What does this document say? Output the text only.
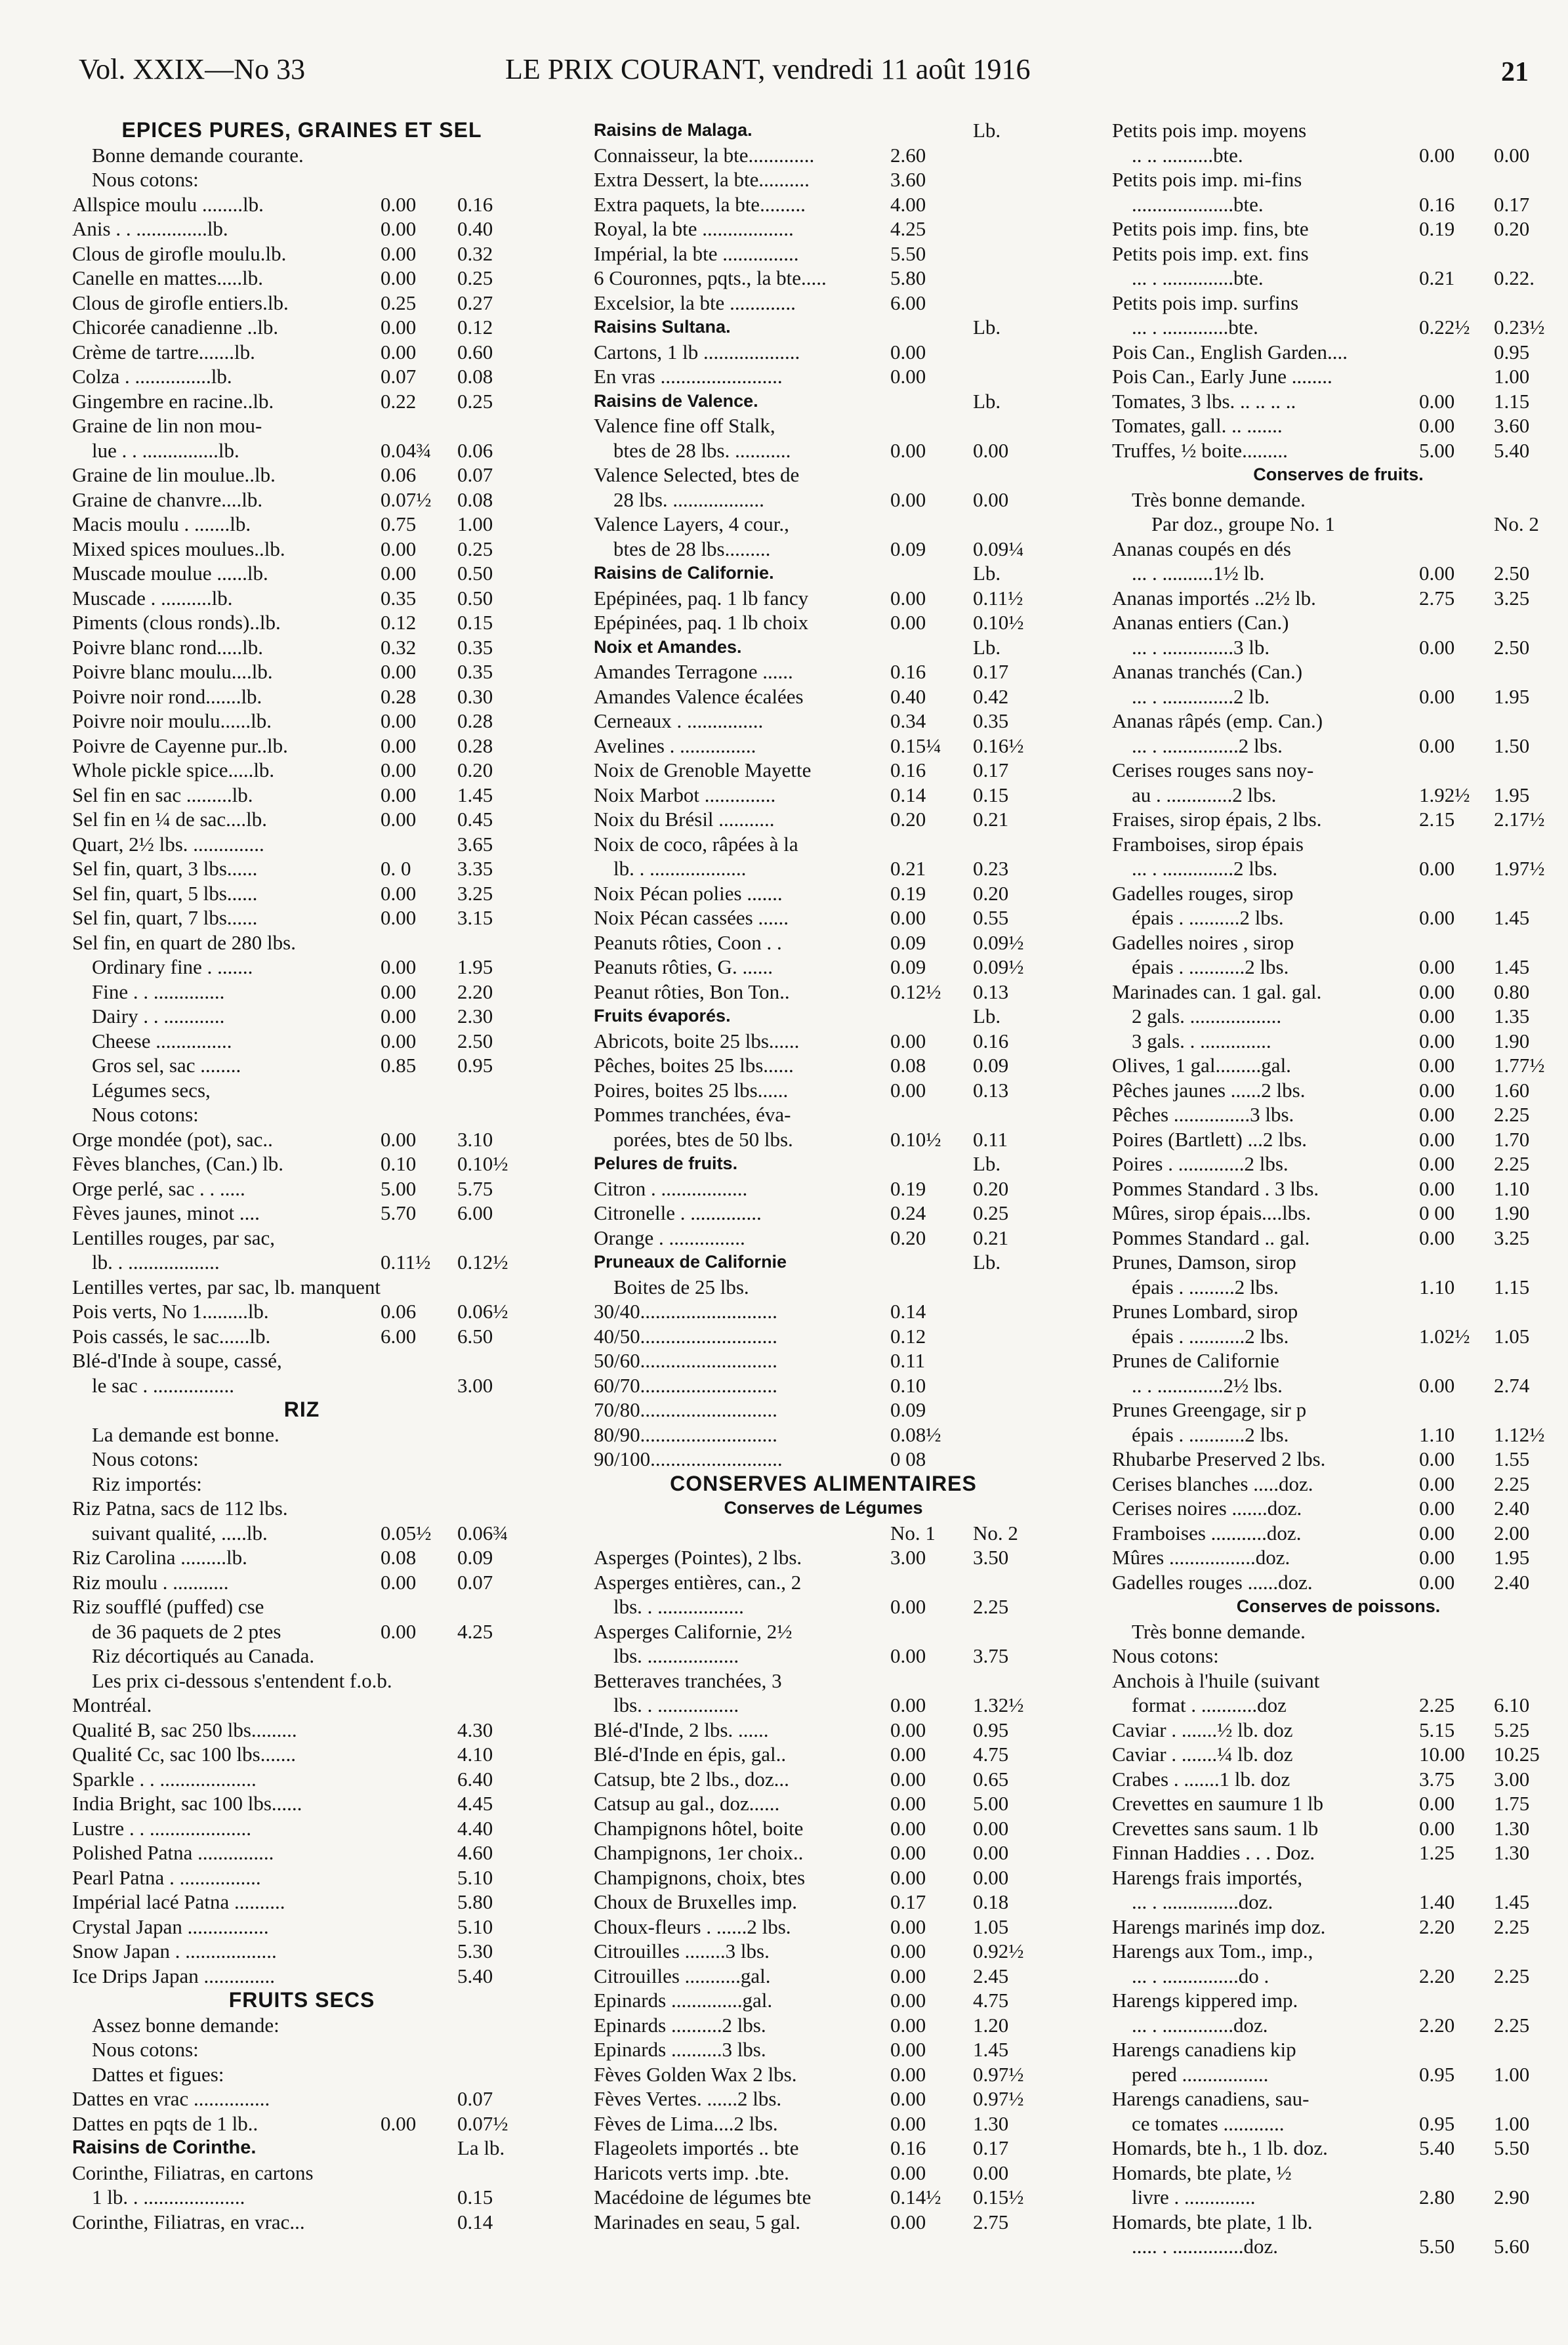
Vol. XXIX—No 33	LE PRIX COURANT, vendredi 11 août 1916	21
EPICES PURES, GRAINES ET SEL
Bonne demande courante.
Nous cotons:
Allspice moulu ........lb.	0.00 0.16
Anis . . ..............lb.	0.00 0.40
Clous de girofle moulu.lb.	0.00 0.32
Canelle en mattes.....lb.	0.00 0.25
Clous de girofle entiers.lb.	0.25 0.27
Chicorée canadienne ..lb.	0.00 0.12
Crème de tartre.......lb.	0.00 0.60
Colza . ...............lb.	0.07 0.08
Gingembre en racine..lb.	0.22 0.25
Graine de lin non mou-
lue . . ...............lb.	0.04¾ 0.06
Graine de lin moulue..lb.	0.06 0.07
Graine de chanvre....lb.	0.07½ 0.08
Macis moulu . .......lb.	0.75 1.00
Mixed spices moulues..lb.	0.00 0.25
Muscade moulue ......lb.	0.00 0.50
Muscade . ..........lb.	0.35 0.50
Piments (clous ronds)..lb.	0.12 0.15
Poivre blanc rond.....lb.	0.32 0.35
Poivre blanc moulu....lb.	0.00 0.35
Poivre noir rond.......lb.	0.28 0.30
Poivre noir moulu......lb.	0.00 0.28
Poivre de Cayenne pur..lb.	0.00 0.28
Whole pickle spice.....lb.	0.00 0.20
Sel fin en sac .........lb.	0.00 1.45
Sel fin en ¼ de sac....lb.	0.00 0.45
Quart, 2½ lbs. ..............	3.65
Sel fin, quart, 3 lbs......	0. 0 3.35
Sel fin, quart, 5 lbs......	0.00 3.25
Sel fin, quart, 7 lbs......	0.00 3.15
Sel fin, en quart de 280 lbs.
Ordinary fine . .......	0.00 1.95
Fine . . ..............	0.00 2.20
Dairy . . ............	0.00 2.30
Cheese ...............	0.00 2.50
Gros sel, sac ........	0.85 0.95
Légumes secs,
Nous cotons:
Orge mondée (pot), sac..	0.00 3.10
Fèves blanches, (Can.) lb.	0.10 0.10½
Orge perlé, sac . . .....	5.00 5.75
Fèves jaunes, minot ....	5.70 6.00
Lentilles rouges, par sac,
lb. . ..................	0.11½ 0.12½
Lentilles vertes, par sac, lb. manquent
Pois verts, No 1.........lb.	0.06 0.06½
Pois cassés, le sac......lb.	6.00 6.50
Blé-d'Inde à soupe, cassé,
le sac . ................	3.00
RIZ
La demande est bonne.
Nous cotons:
Riz importés:
Riz Patna, sacs de 112 lbs.
suivant qualité, .....lb.	0.05½ 0.06¾
Riz Carolina .........lb.	0.08 0.09
Riz moulu . ...........	0.00 0.07
Riz soufflé (puffed) cse
de 36 paquets de 2 ptes	0.00 4.25
Riz décortiqués au Canada.
Les prix ci-dessous s'entendent f.o.b.
Montréal.
Qualité B, sac 250 lbs.........	4.30
Qualité Cc, sac 100 lbs.......	4.10
Sparkle . . ...................	6.40
India Bright, sac 100 lbs......	4.45
Lustre . . ....................	4.40
Polished Patna ...............	4.60
Pearl Patna . ................	5.10
Impérial lacé Patna ..........	5.80
Crystal Japan ................	5.10
Snow Japan . ..................	5.30
Ice Drips Japan ..............	5.40
FRUITS SECS
Assez bonne demande:
Nous cotons:
Dattes et figues:
Dattes en vrac ...............	0.07
Dattes en pqts de 1 lb..	0.00 0.07½
Raisins de Corinthe.	La lb.
Corinthe, Filiatras, en cartons
1 lb. . ....................	0.15
Corinthe, Filiatras, en vrac...	0.14
Raisins de Malaga.	Lb.
Connaisseur, la bte.............	2.60
Extra Dessert, la bte..........	3.60
Extra paquets, la bte.........	4.00
Royal, la bte ..................	4.25
Impérial, la bte ...............	5.50
6 Couronnes, pqts., la bte.....	5.80
Excelsior, la bte .............	6.00
Raisins Sultana.	Lb.
Cartons, 1 lb ...................	0.00
En vras ........................	0.00
Raisins de Valence.	Lb.
Valence fine off Stalk,
btes de 28 lbs. ...........	0.00 0.00
Valence Selected, btes de
28 lbs. ..................	0.00 0.00
Valence Layers, 4 cour.,
btes de 28 lbs.........	0.09 0.09¼
Raisins de Californie.	Lb.
Epépinées, paq. 1 lb fancy	0.00 0.11½
Epépinées, paq. 1 lb choix	0.00 0.10½
Noix et Amandes.	Lb.
Amandes Terragone ......	0.16 0.17
Amandes Valence écalées	0.40 0.42
Cerneaux . ...............	0.34 0.35
Avelines . ...............	0.15¼ 0.16½
Noix de Grenoble Mayette	0.16 0.17
Noix Marbot ..............	0.14 0.15
Noix du Brésil ...........	0.20 0.21
Noix de coco, râpées à la
lb. . ...................	0.21 0.23
Noix Pécan polies .......	0.19 0.20
Noix Pécan cassées ......	0.00 0.55
Peanuts rôties, Coon . .	0.09 0.09½
Peanuts rôties, G. ......	0.09 0.09½
Peanut rôties, Bon Ton..	0.12½ 0.13
Fruits évaporés.	Lb.
Abricots, boite 25 lbs......	0.00 0.16
Pêches, boites 25 lbs......	0.08 0.09
Poires, boites 25 lbs......	0.00 0.13
Pommes tranchées, éva-
porées, btes de 50 lbs.	0.10½ 0.11
Pelures de fruits.	Lb.
Citron . .................	0.19 0.20
Citronelle . ..............	0.24 0.25
Orange . ...............	0.20 0.21
Pruneaux de Californie	Lb.
Boites de 25 lbs.
30/40...........................	0.14
40/50...........................	0.12
50/60...........................	0.11
60/70...........................	0.10
70/80...........................	0.09
80/90...........................	0.08½
90/100..........................	0 08
CONSERVES ALIMENTAIRES
Conserves de Légumes
No. 1 No. 2
Asperges (Pointes), 2 lbs.	3.00 3.50
Asperges entières, can., 2
lbs. . .................	0.00 2.25
Asperges Californie, 2½
lbs. ..................	0.00 3.75
Betteraves tranchées, 3
lbs. . ................	0.00 1.32½
Blé-d'Inde, 2 lbs. ......	0.00 0.95
Blé-d'Inde en épis, gal..	0.00 4.75
Catsup, bte 2 lbs., doz...	0.00 0.65
Catsup au gal., doz......	0.00 5.00
Champignons hôtel, boite	0.00 0.00
Champignons, 1er choix..	0.00 0.00
Champignons, choix, btes	0.00 0.00
Choux de Bruxelles imp.	0.17 0.18
Choux-fleurs . ......2 lbs.	0.00 1.05
Citrouilles ........3 lbs.	0.00 0.92½
Citrouilles ...........gal.	0.00 2.45
Epinards ..............gal.	0.00 4.75
Epinards ..........2 lbs.	0.00 1.20
Epinards ..........3 lbs.	0.00 1.45
Fèves Golden Wax 2 lbs.	0.00 0.97½
Fèves Vertes. ......2 lbs.	0.00 0.97½
Fèves de Lima....2 lbs.	0.00 1.30
Flageolets importés .. bte	0.16 0.17
Haricots verts imp. .bte.	0.00 0.00
Macédoine de légumes bte	0.14½ 0.15½
Marinades en seau, 5 gal.	0.00 2.75
Petits pois imp. moyens
.. .. ..........bte.	0.00 0.00
Petits pois imp. mi-fins
....................bte.	0.16 0.17
Petits pois imp. fins, bte	0.19 0.20
Petits pois imp. ext. fins
... . ..............bte.	0.21 0.22.
Petits pois imp. surfins
... . .............bte.	0.22½ 0.23½
Pois Can., English Garden....	0.95
Pois Can., Early June ........	1.00
Tomates, 3 lbs. .. .. .. ..	0.00 1.15
Tomates, gall. .. .......	0.00 3.60
Truffes, ½ boite.........	5.00 5.40
Conserves de fruits.
Très bonne demande.
Par doz., groupe No. 1	No. 2
Ananas coupés en dés
... . ..........1½ lb.	0.00 2.50
Ananas importés ..2½ lb.	2.75 3.25
Ananas entiers (Can.)
... . ..............3 lb.	0.00 2.50
Ananas tranchés (Can.)
... . ..............2 lb.	0.00 1.95
Ananas râpés (emp. Can.)
... . ...............2 lbs.	0.00 1.50
Cerises rouges sans noy-
au . .............2 lbs.	1.92½ 1.95
Fraises, sirop épais, 2 lbs.	2.15 2.17½
Framboises, sirop épais
... . ..............2 lbs.	0.00 1.97½
Gadelles rouges, sirop
épais . ..........2 lbs.	0.00 1.45
Gadelles noires , sirop
épais . ...........2 lbs.	0.00 1.45
Marinades can. 1 gal. gal.	0.00 0.80
2 gals. ..................	0.00 1.35
3 gals. . ..............	0.00 1.90
Olives, 1 gal.........gal.	0.00 1.77½
Pêches jaunes ......2 lbs.	0.00 1.60
Pêches ...............3 lbs.	0.00 2.25
Poires (Bartlett) ...2 lbs.	0.00 1.70
Poires . .............2 lbs.	0.00 2.25
Pommes Standard . 3 lbs.	0.00 1.10
Mûres, sirop épais....lbs.	0 00 1.90
Pommes Standard .. gal.	0.00 3.25
Prunes, Damson, sirop
épais . .........2 lbs.	1.10 1.15
Prunes Lombard, sirop
épais . ...........2 lbs.	1.02½ 1.05
Prunes de Californie
.. . .............2½ lbs.	0.00 2.74
Prunes Greengage, sir p
épais . ...........2 lbs.	1.10 1.12½
Rhubarbe Preserved 2 lbs.	0.00 1.55
Cerises blanches .....doz.	0.00 2.25
Cerises noires .......doz.	0.00 2.40
Framboises ...........doz.	0.00 2.00
Mûres .................doz.	0.00 1.95
Gadelles rouges ......doz.	0.00 2.40
Conserves de poissons.
Très bonne demande.
Nous cotons:
Anchois à l'huile (suivant
format . ...........doz	2.25 6.10
Caviar . .......½ lb. doz	5.15 5.25
Caviar . .......¼ lb. doz	10.00 10.25
Crabes . .......1 lb. doz	3.75 3.00
Crevettes en saumure 1 lb	0.00 1.75
Crevettes sans saum. 1 lb	0.00 1.30
Finnan Haddies . . . Doz.	1.25 1.30
Harengs frais importés,
... . ...............doz.	1.40 1.45
Harengs marinés imp doz.	2.20 2.25
Harengs aux Tom., imp.,
... . ...............do .	2.20 2.25
Harengs kippered imp.
... . ..............doz.	2.20 2.25
Harengs canadiens kip
pered .................	0.95 1.00
Harengs canadiens, sau-
ce tomates ............	0.95 1.00
Homards, bte h., 1 lb. doz.	5.40 5.50
Homards, bte plate, ½
livre . ..............	2.80 2.90
Homards, bte plate, 1 lb.
..... . ..............doz.	5.50 5.60
